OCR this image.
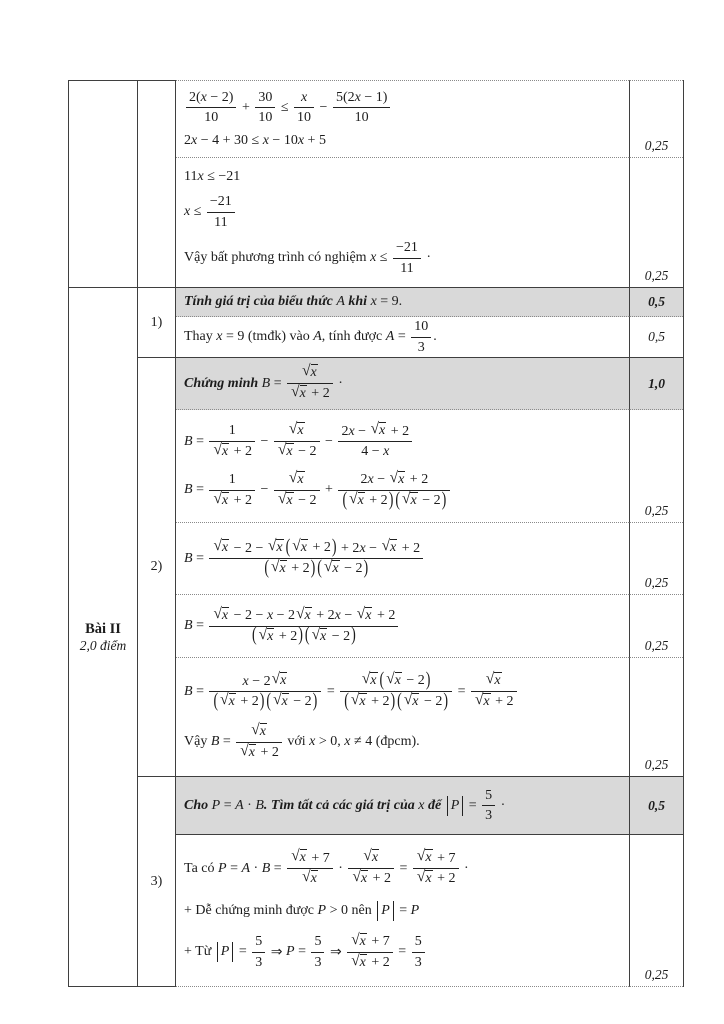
$\frac{2( x - 2)}{10} + \frac{30}{10} \le \frac{x}{10} - \frac{5(2 x - 1)}{10}$
2 x − 4 + 30 ≤ x − 10 x + 5	0,25
11 x ≤ −21
$x \le \frac{-21}{11}$
Vậy bất phương trình có nghiệm $x \le \frac{-21}{11}$ ·
0,25
Bài II
2,0 điểm
1)
Tính giá trị của biểu thức A khi x = 9.	0,5
Thay x = 9 (tmđk) vào A , tính được $A = \frac{10}{3}$ .	0,5
2)
Chứng minh $B = \frac{√ x}{√ x + 2}$ ·	1,0
$B = \frac{1}{√ x + 2} - \frac{√ x}{√ x - 2} - \frac{2 x - √ x + 2}{4 - x}$
$B = \frac{1}{√ x + 2} - \frac{√ x}{√ x - 2} + \frac{2 x - √ x + 2}{( √ x + 2 ) ( √ x - 2 )}$
0,25
$B = \frac{√ x - 2 - √ x ( √ x + 2 ) + 2 x - √ x + 2}{( √ x + 2 ) ( √ x - 2 )}$
0,25
$B = \frac{√ x - 2 - x - 2 √ x + 2 x - √ x + 2}{( √ x + 2 ) ( √ x - 2 )}$
0,25
$B = \frac{x - 2 √ x}{( √ x + 2 ) ( √ x - 2 )} = \frac{√ x ( √ x - 2 )}{( √ x + 2 ) ( √ x - 2 )} = \frac{√ x}{√ x + 2}$
Vậy $B = \frac{√ x}{√ x + 2}$ với x > 0, x ≠ 4 (đpcm).
0,25
3)
Cho P = A · B . Tìm tất cả các giá trị của x để $P = \frac{5}{3}$ ·	0,5
Ta có $P = A \cdot B = \frac{√ x + 7}{√ x} \cdot \frac{√ x}{√ x + 2} = \frac{√ x + 7}{√ x + 2}$ ·
+ Dễ chứng minh được P > 0 nên P = P
+ Từ $P = \frac{5}{3}$ ⇒ $P = \frac{5}{3}$ ⇒ $\frac{√ x + 7}{√ x + 2} = \frac{5}{3}$
0,25
